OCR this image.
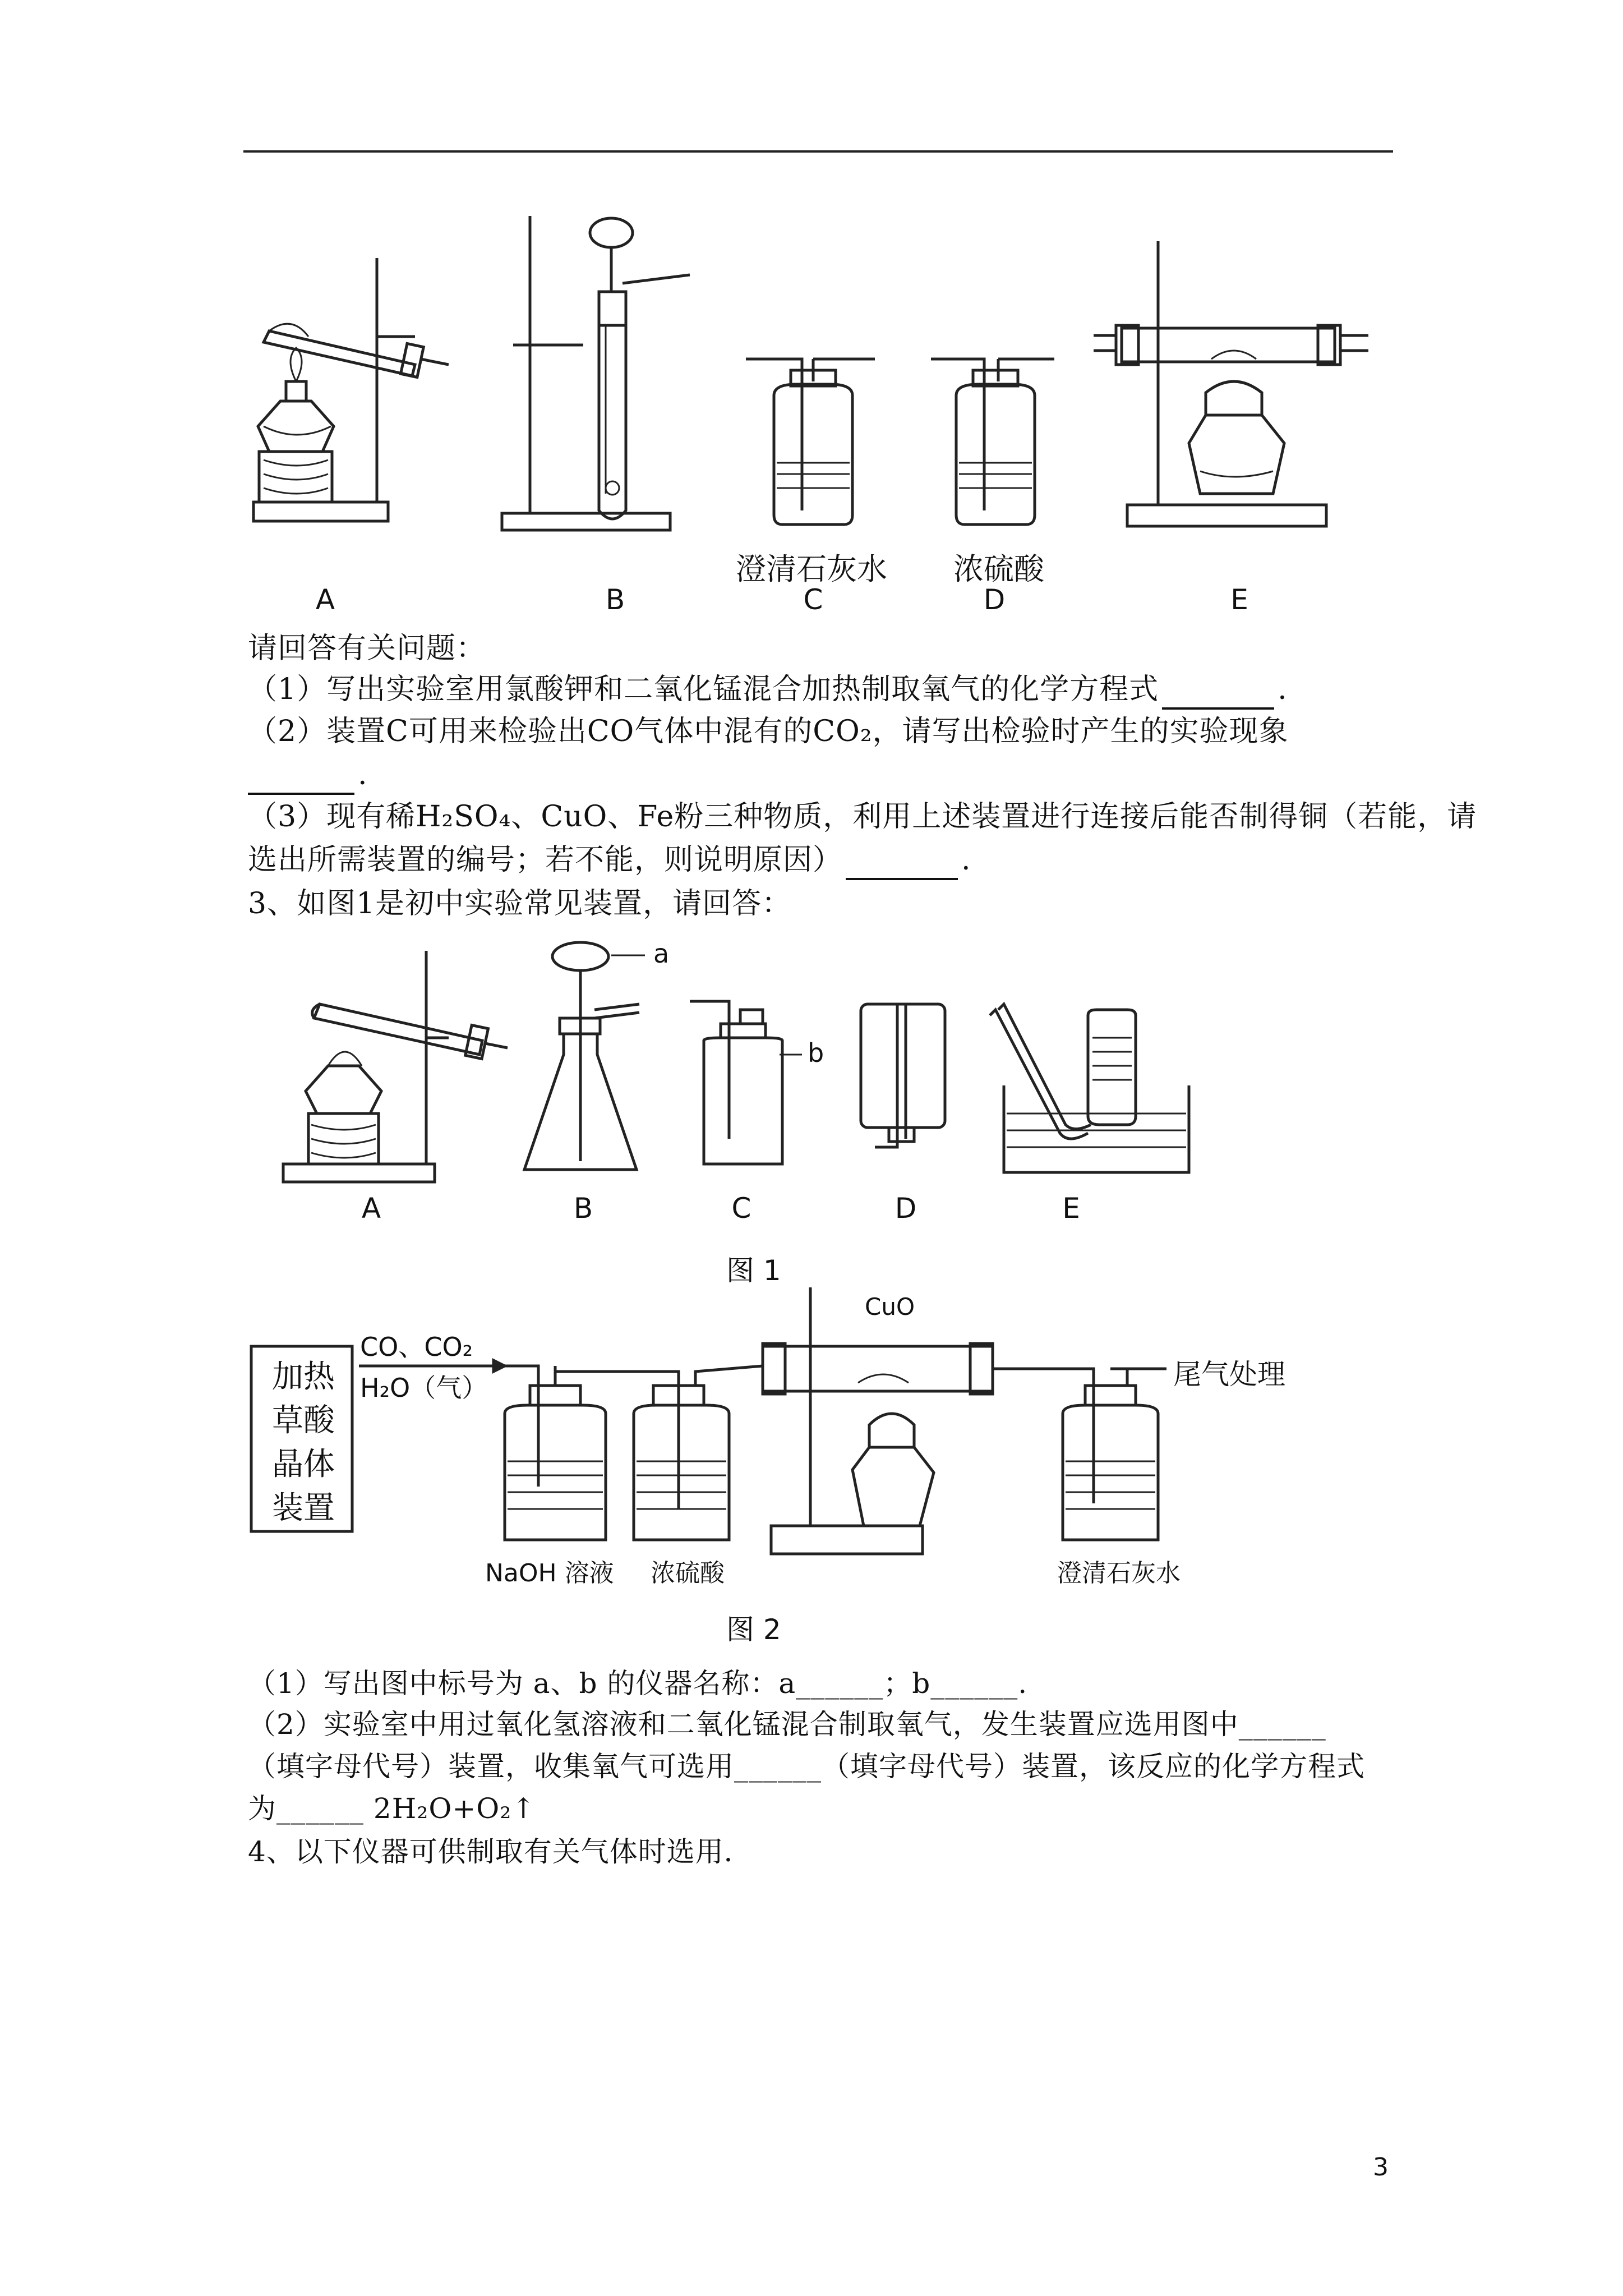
A	B	C	D	E
澄清石灰水 浓硫酸
请回答有关问题：
（1）写出实验室用氯酸钾和二氧化锰混合加热制取氧气的化学方程式	.
（2）装置C可用来检验出CO气体中混有的CO₂，请写出检验时产生的实验现象
.
（3）现有稀H₂SO₄、CuO、Fe粉三种物质，利用上述装置进行连接后能否制得铜（若能，请
选出所需装置的编号；若不能，则说明原因）	.
3、如图1是初中实验常见装置，请回答：
a
b
A	B	C	D	E
图 1
加热
草酸
晶体
装置
CO、CO₂
H₂O（气）
CuO
尾气处理
NaOH 溶液 浓硫酸	澄清石灰水
图 2
（1）写出图中标号为 a、b 的仪器名称：a______；b______.
（2）实验室中用过氧化氢溶液和二氧化锰混合制取氧气，发生装置应选用图中______
（填字母代号）装置，收集氧气可选用______（填字母代号）装置，该反应的化学方程式
为______ 2H₂O+O₂↑
4、以下仪器可供制取有关气体时选用．
3
